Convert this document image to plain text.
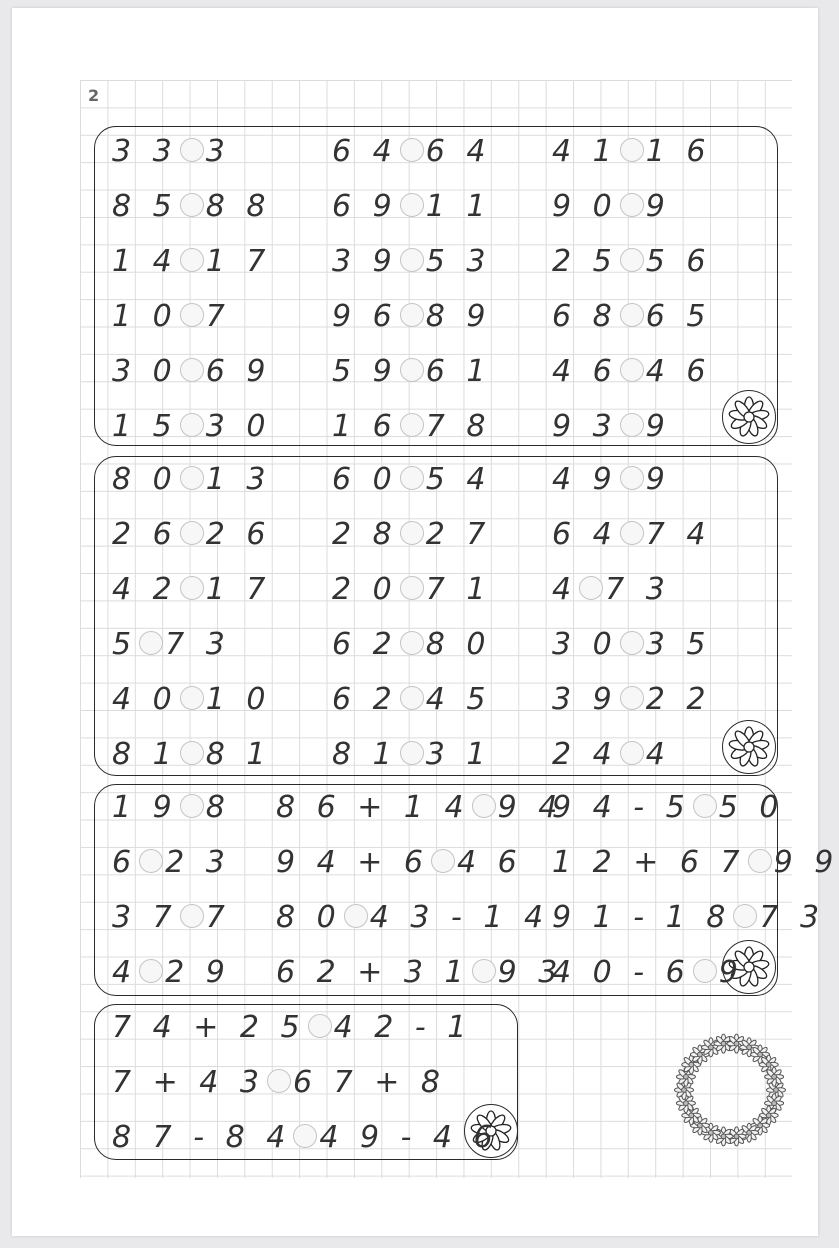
2
3 3 3
8 5 8 8
1 4 1 7
1 0 7
3 0 6 9
1 5 3 0
6 4 6 4
6 9 1 1
3 9 5 3
9 6 8 9
5 9 6 1
1 6 7 8
4 1 1 6
9 0 9
2 5 5 6
6 8 6 5
4 6 4 6
9 3 9
8 0 1 3
2 6 2 6
4 2 1 7
5 7 3
4 0 1 0
8 1 8 1
6 0 5 4
2 8 2 7
2 0 7 1
6 2 8 0
6 2 4 5
8 1 3 1
4 9 9
6 4 7 4
4 7 3
3 0 3 5
3 9 2 2
2 4 4
1 9 8
6 2 3
3 7 7
4 2 9
8 6 + 1 4 9 4
9 4 + 6 4 6
8 0 4 3 - 1 4
6 2 + 3 1 9 3
9 4 - 5 5 0
1 2 + 6 7 9 9
9 1 - 1 8 7 3
4 0 - 6 9
7 4 + 2 5 4 2 - 1
7 + 4 3 6 7 + 8
8 7 - 8 4 4 9 - 4 6
